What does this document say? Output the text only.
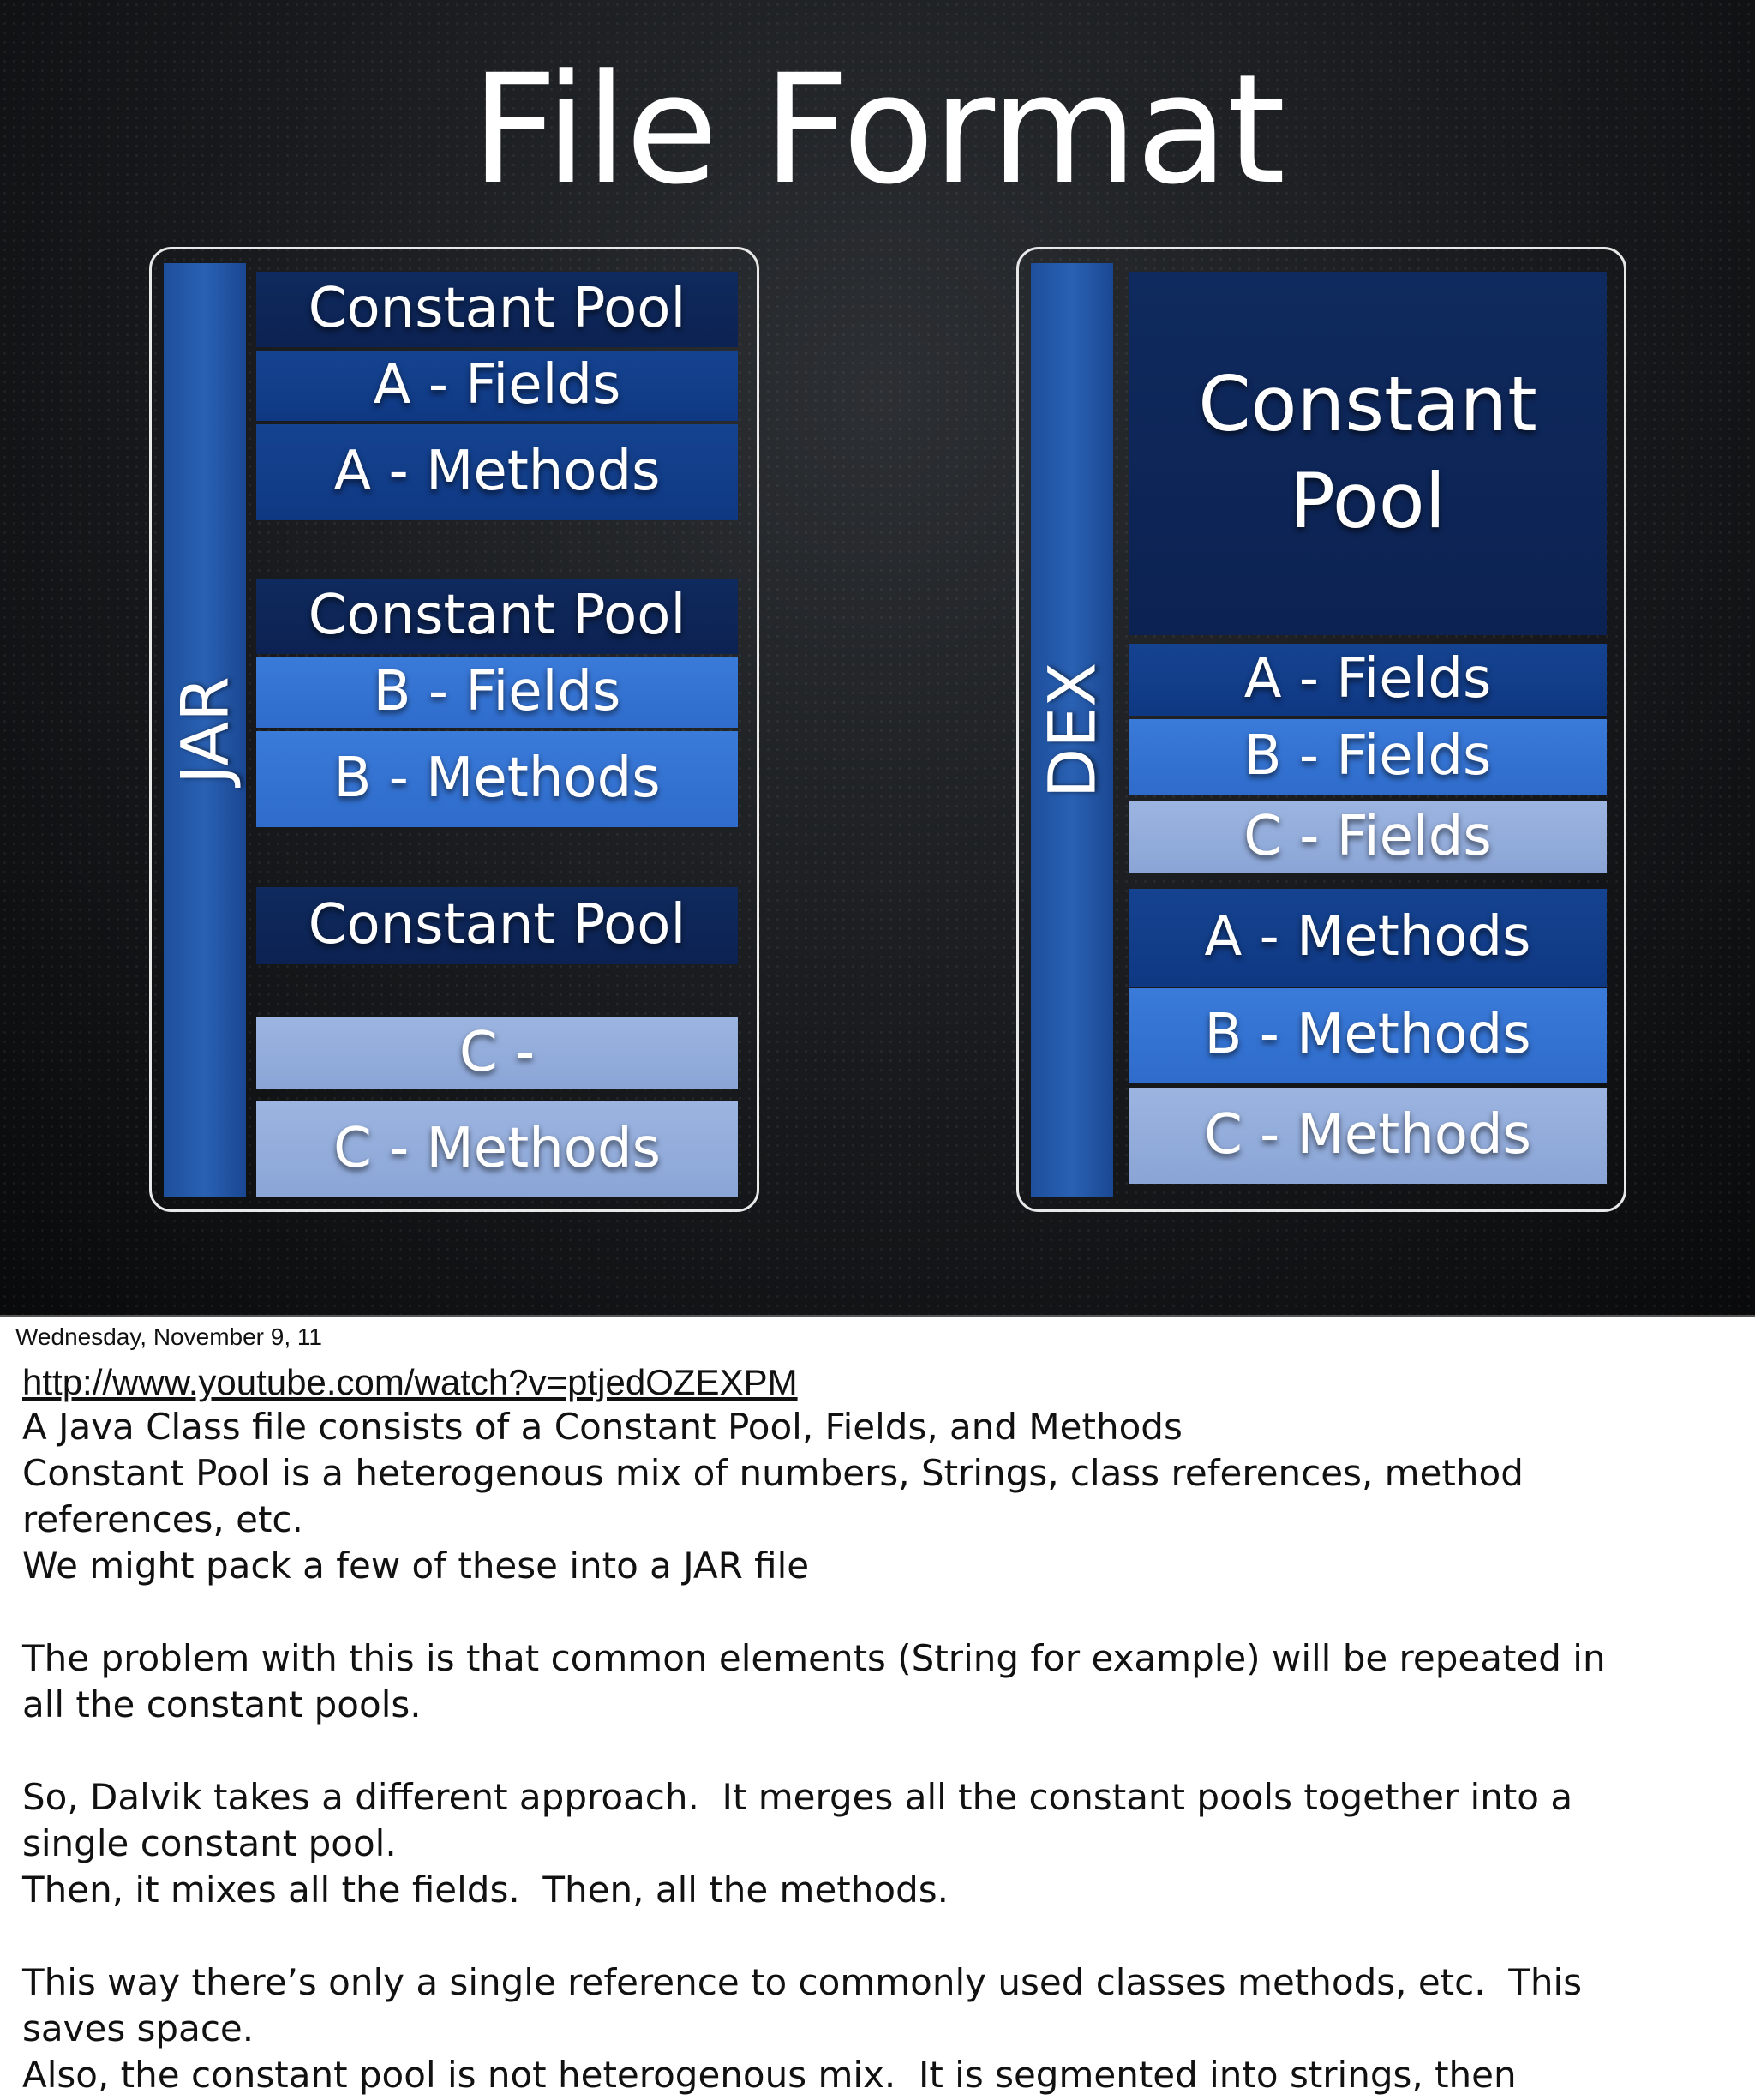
File Format
JAR
Constant Pool
A - Fields
A - Methods
Constant Pool
B - Fields
B - Methods
Constant Pool
C -
C - Methods
DEX
Constant Pool
A - Fields
B - Fields
C - Fields
A - Methods
B - Methods
C - Methods
Wednesday, November 9, 11
http://www.youtube.com/watch?v=ptjedOZEXPM
A Java Class file consists of a Constant Pool, Fields, and Methods
Constant Pool is a heterogenous mix of numbers, Strings, class references, method
references, etc.
We might pack a few of these into a JAR file
The problem with this is that common elements (String for example) will be repeated in
all the constant pools.
So, Dalvik takes a different approach.  It merges all the constant pools together into a
single constant pool.
Then, it mixes all the fields.  Then, all the methods.
This way there’s only a single reference to commonly used classes methods, etc.  This
saves space.
Also, the constant pool is not heterogenous mix.  It is segmented into strings, then
